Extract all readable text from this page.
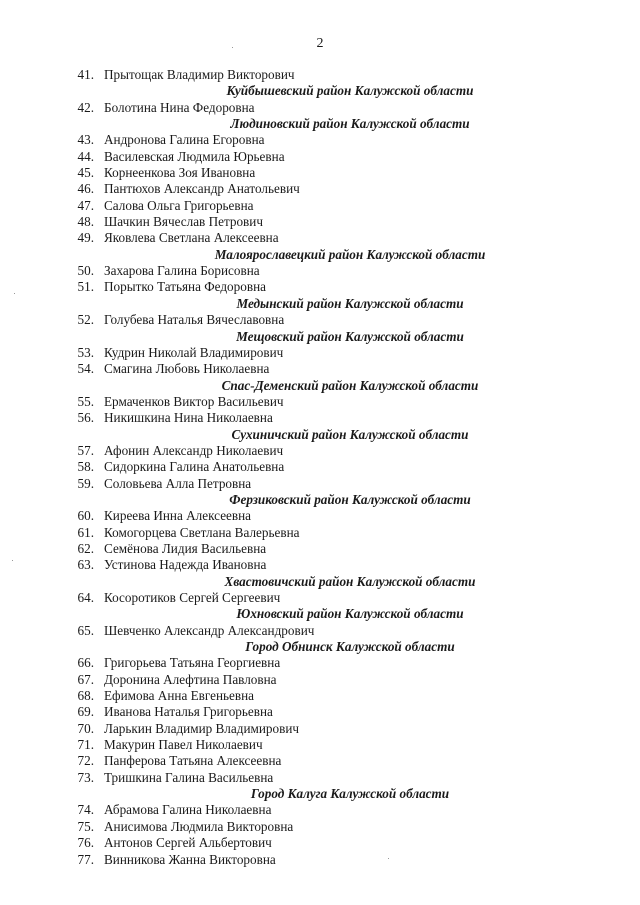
2
41. Прытощак Владимир Викторович
Куйбышевский район Калужской области
42. Болотина Нина Федоровна
Людиновский район Калужской области
43. Андронова Галина Егоровна
44. Василевская Людмила Юрьевна
45. Корнеенкова Зоя Ивановна
46. Пантюхов Александр Анатольевич
47. Салова Ольга Григорьевна
48. Шачкин Вячеслав Петрович
49. Яковлева Светлана Алексеевна
Малоярославецкий район Калужской области
50. Захарова Галина Борисовна
51. Порытко Татьяна Федоровна
Медынский район Калужской области
52. Голубева Наталья Вячеславовна
Мещовский район Калужской области
53. Кудрин Николай Владимирович
54. Смагина Любовь Николаевна
Спас-Деменский район Калужской области
55. Ермаченков Виктор Васильевич
56. Никишкина Нина Николаевна
Сухиничский район Калужской области
57. Афонин Александр Николаевич
58. Сидоркина Галина Анатольевна
59. Соловьева Алла Петровна
Ферзиковский район Калужской области
60. Киреева Инна Алексеевна
61. Комогорцева Светлана Валерьевна
62. Семёнова Лидия Васильевна
63. Устинова Надежда Ивановна
Хвастовичский район Калужской области
64. Косоротиков Сергей Сергеевич
Юхновский район Калужской области
65. Шевченко Александр Александрович
Город Обнинск Калужской области
66. Григорьева Татьяна Георгиевна
67. Доронина Алефтина Павловна
68. Ефимова Анна Евгеньевна
69. Иванова Наталья Григорьевна
70. Ларькин Владимир Владимирович
71. Макурин Павел Николаевич
72. Панферова Татьяна Алексеевна
73. Тришкина Галина Васильевна
Город Калуга Калужской области
74. Абрамова Галина Николаевна
75. Анисимова Людмила Викторовна
76. Антонов Сергей Альбертович
77. Винникова Жанна Викторовна
